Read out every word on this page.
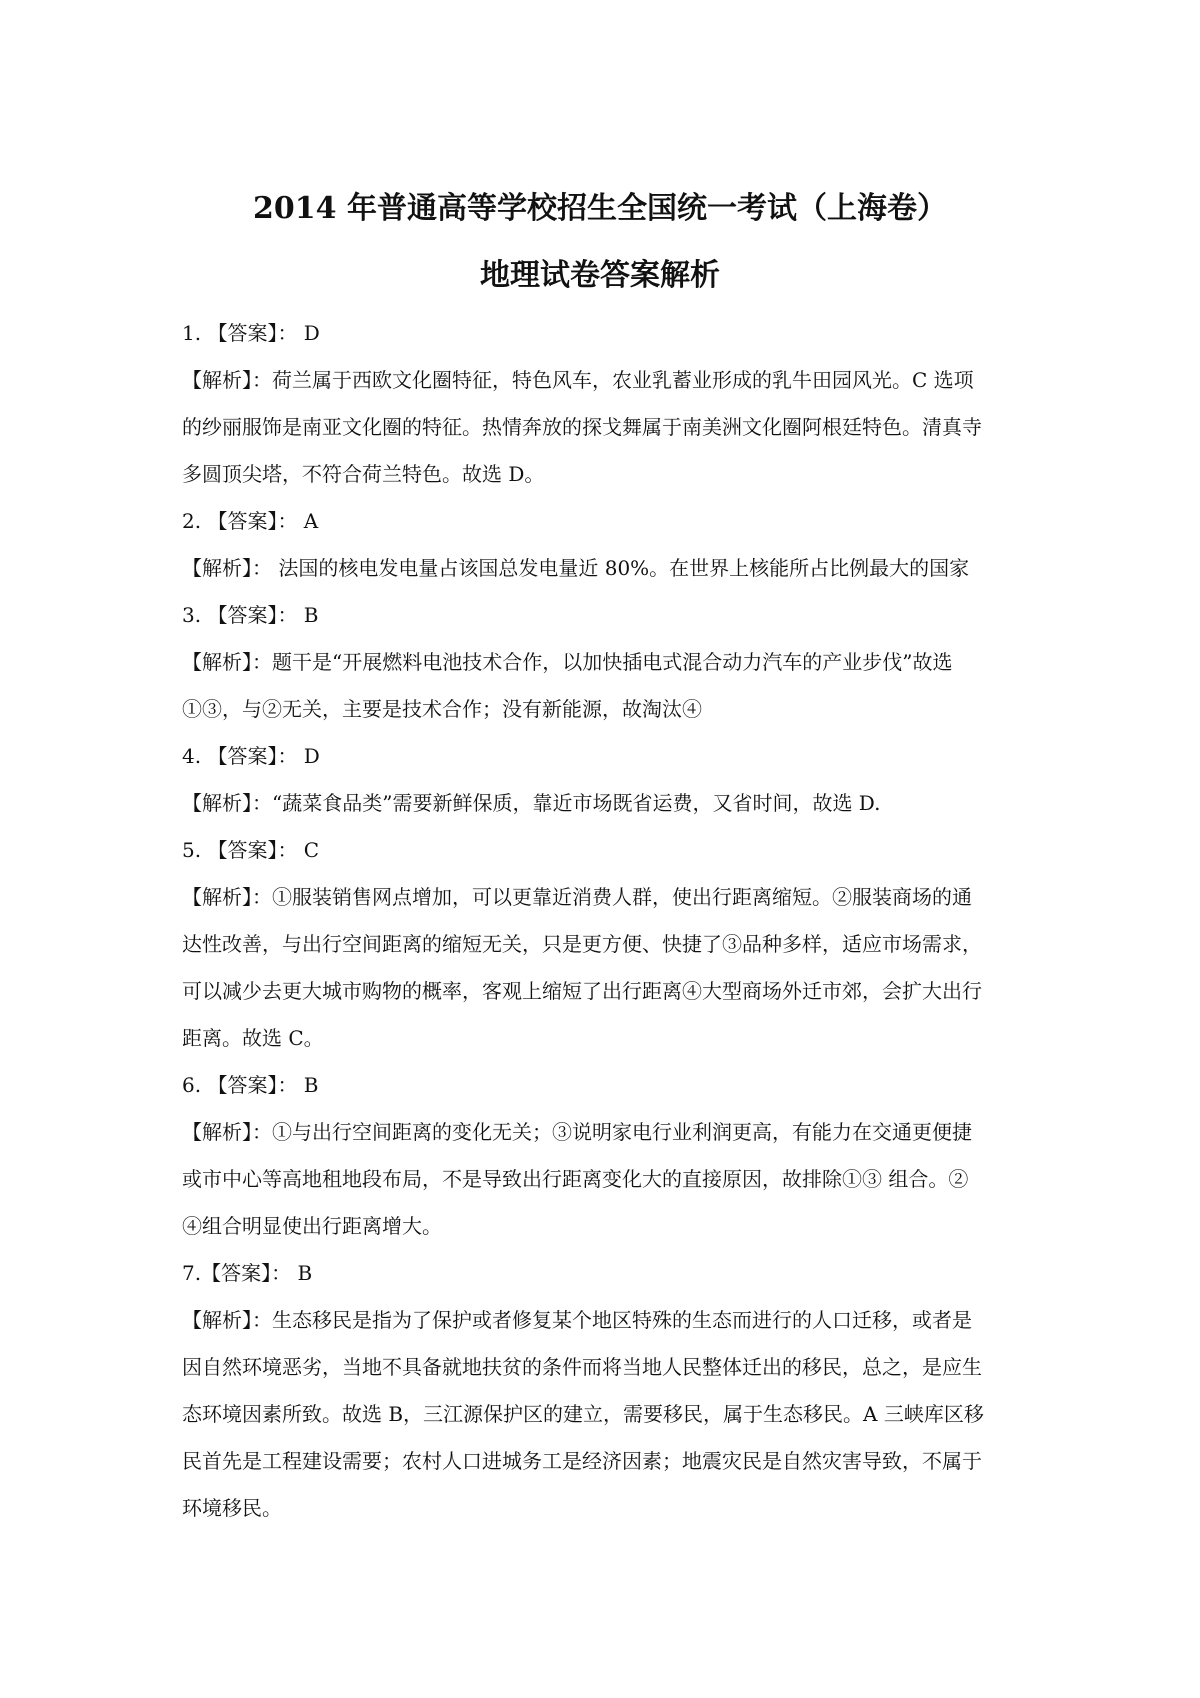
2014 年普通高等学校招生全国统一考试（上海卷）
地理试卷答案解析
1. 【答案】： D
【解析】：荷兰属于西欧文化圈特征，特色风车，农业乳蓄业形成的乳牛田园风光。C 选项
的纱丽服饰是南亚文化圈的特征。热情奔放的探戈舞属于南美洲文化圈阿根廷特色。清真寺
多圆顶尖塔，不符合荷兰特色。故选 D。
2. 【答案】： A
【解析】： 法国的核电发电量占该国总发电量近 80%。在世界上核能所占比例最大的国家
3. 【答案】： B
【解析】：题干是“开展燃料电池技术合作，以加快插电式混合动力汽车的产业步伐”故选
①③，与②无关，主要是技术合作；没有新能源，故淘汰④
4. 【答案】： D
【解析】：“蔬菜食品类”需要新鲜保质，靠近市场既省运费，又省时间，故选 D.
5. 【答案】： C
【解析】：①服装销售网点增加，可以更靠近消费人群，使出行距离缩短。②服装商场的通
达性改善，与出行空间距离的缩短无关，只是更方便、快捷了③品种多样，适应市场需求，
可以减少去更大城市购物的概率，客观上缩短了出行距离④大型商场外迁市郊，会扩大出行
距离。故选 C。
6. 【答案】： B
【解析】：①与出行空间距离的变化无关；③说明家电行业利润更高，有能力在交通更便捷
或市中心等高地租地段布局，不是导致出行距离变化大的直接原因，故排除①③ 组合。②
④组合明显使出行距离增大。
7.【答案】： B
【解析】：生态移民是指为了保护或者修复某个地区特殊的生态而进行的人口迁移，或者是
因自然环境恶劣，当地不具备就地扶贫的条件而将当地人民整体迁出的移民，总之，是应生
态环境因素所致。故选 B，三江源保护区的建立，需要移民，属于生态移民。A 三峡库区移
民首先是工程建设需要；农村人口进城务工是经济因素；地震灾民是自然灾害导致，不属于
环境移民。
